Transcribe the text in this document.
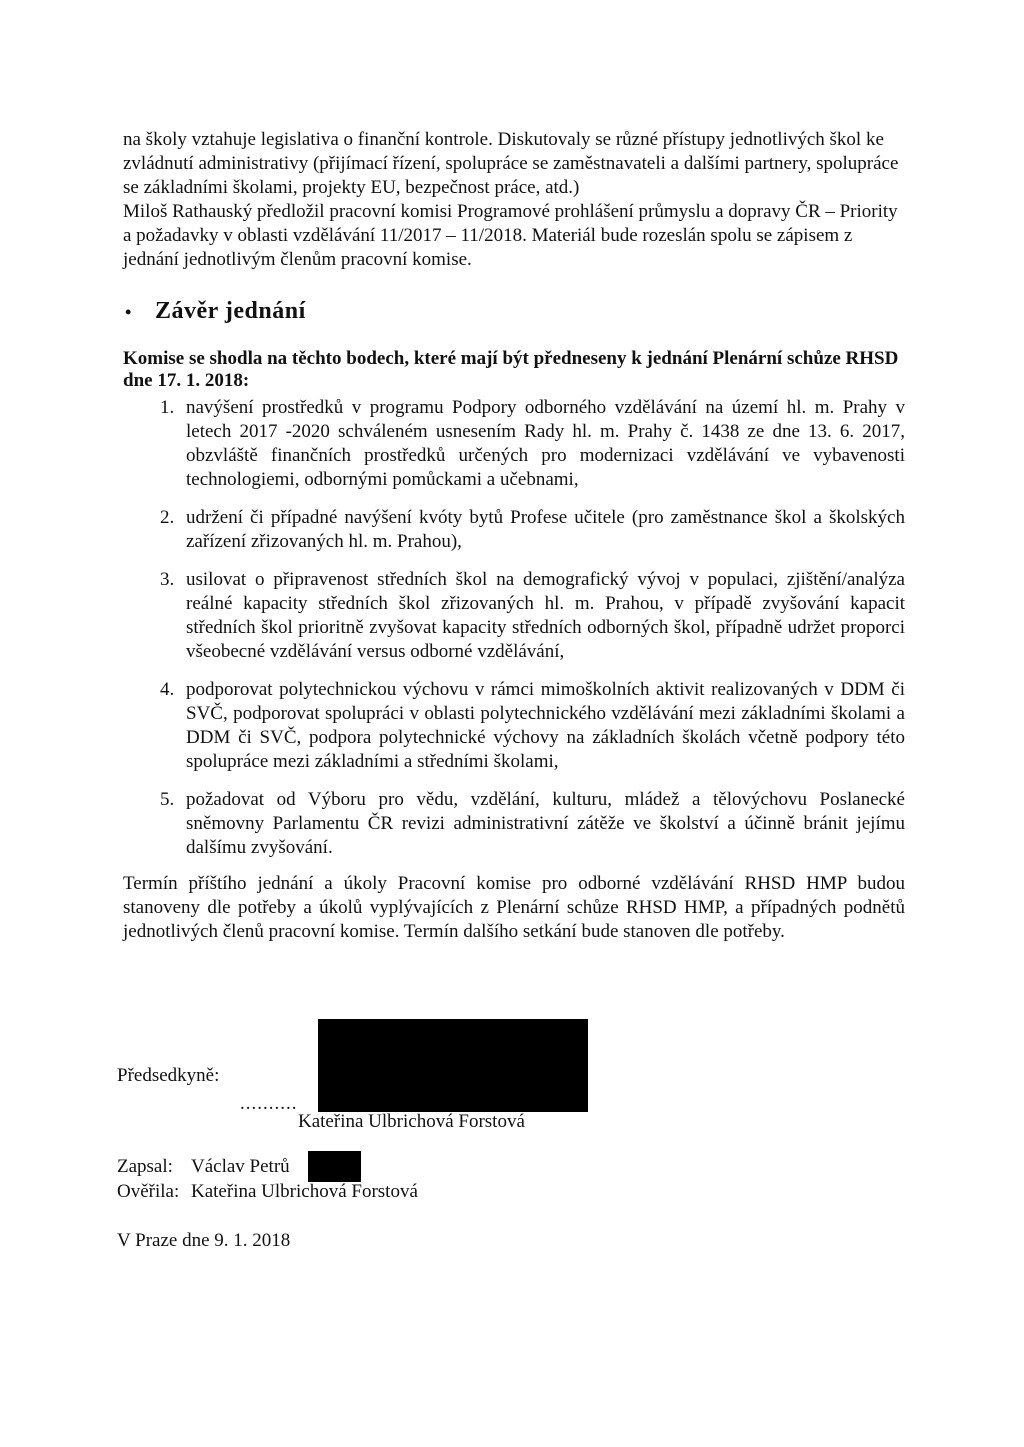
na školy vztahuje legislativa o finanční kontrole. Diskutovaly se různé přístupy jednotlivých škol ke zvládnutí administrativy (přijímací řízení, spolupráce se zaměstnavateli a dalšími partnery, spolupráce se základními školami, projekty EU, bezpečnost práce, atd.)

Miloš Rathauský předložil pracovní komisi Programové prohlášení průmyslu a dopravy ČR – Priority a požadavky v oblasti vzdělávání 11/2017 – 11/2018. Materiál bude rozeslán spolu se zápisem z jednání jednotlivým členům pracovní komise.

• Závěr jednání

Komise se shodla na těchto bodech, které mají být předneseny k jednání Plenární schůze RHSD dne 17. 1. 2018:

1. navýšení prostředků v programu Podpory odborného vzdělávání na území hl. m. Prahy v letech 2017 -2020 schváleném usnesením Rady hl. m. Prahy č. 1438 ze dne 13. 6. 2017, obzvláště finančních prostředků určených pro modernizaci vzdělávání ve vybavenosti technologiemi, odbornými pomůckami a učebnami,
2. udržení či případné navýšení kvóty bytů Profese učitele (pro zaměstnance škol a školských zařízení zřizovaných hl. m. Prahou),
3. usilovat o připravenost středních škol na demografický vývoj v populaci, zjištění/analýza reálné kapacity středních škol zřizovaných hl. m. Prahou, v případě zvyšování kapacit středních škol prioritně zvyšovat kapacity středních odborných škol, případně udržet proporci všeobecné vzdělávání versus odborné vzdělávání,
4. podporovat polytechnickou výchovu v rámci mimoškolních aktivit realizovaných v DDM či SVČ, podporovat spolupráci v oblasti polytechnického vzdělávání mezi základními školami a DDM či SVČ, podpora polytechnické výchovy na základních školách včetně podpory této spolupráce mezi základními a středními školami,
5. požadovat od Výboru pro vědu, vzdělání, kulturu, mládež a tělovýchovu Poslanecké sněmovny Parlamentu ČR revizi administrativní zátěže ve školství a účinně bránit jejímu dalšímu zvyšování.

Termín příštího jednání a úkoly Pracovní komise pro odborné vzdělávání RHSD HMP budou stanoveny dle potřeby a úkolů vyplývajících z Plenární schůze RHSD HMP, a případných podnětů jednotlivých členů pracovní komise. Termín dalšího setkání bude stanoven dle potřeby.

Předsedkyně:
..........
Kateřina Ulbrichová Forstová
Zapsal: Václav Petrů
Ověřila: Kateřina Ulbrichová Forstová
V Praze dne 9. 1. 2018
